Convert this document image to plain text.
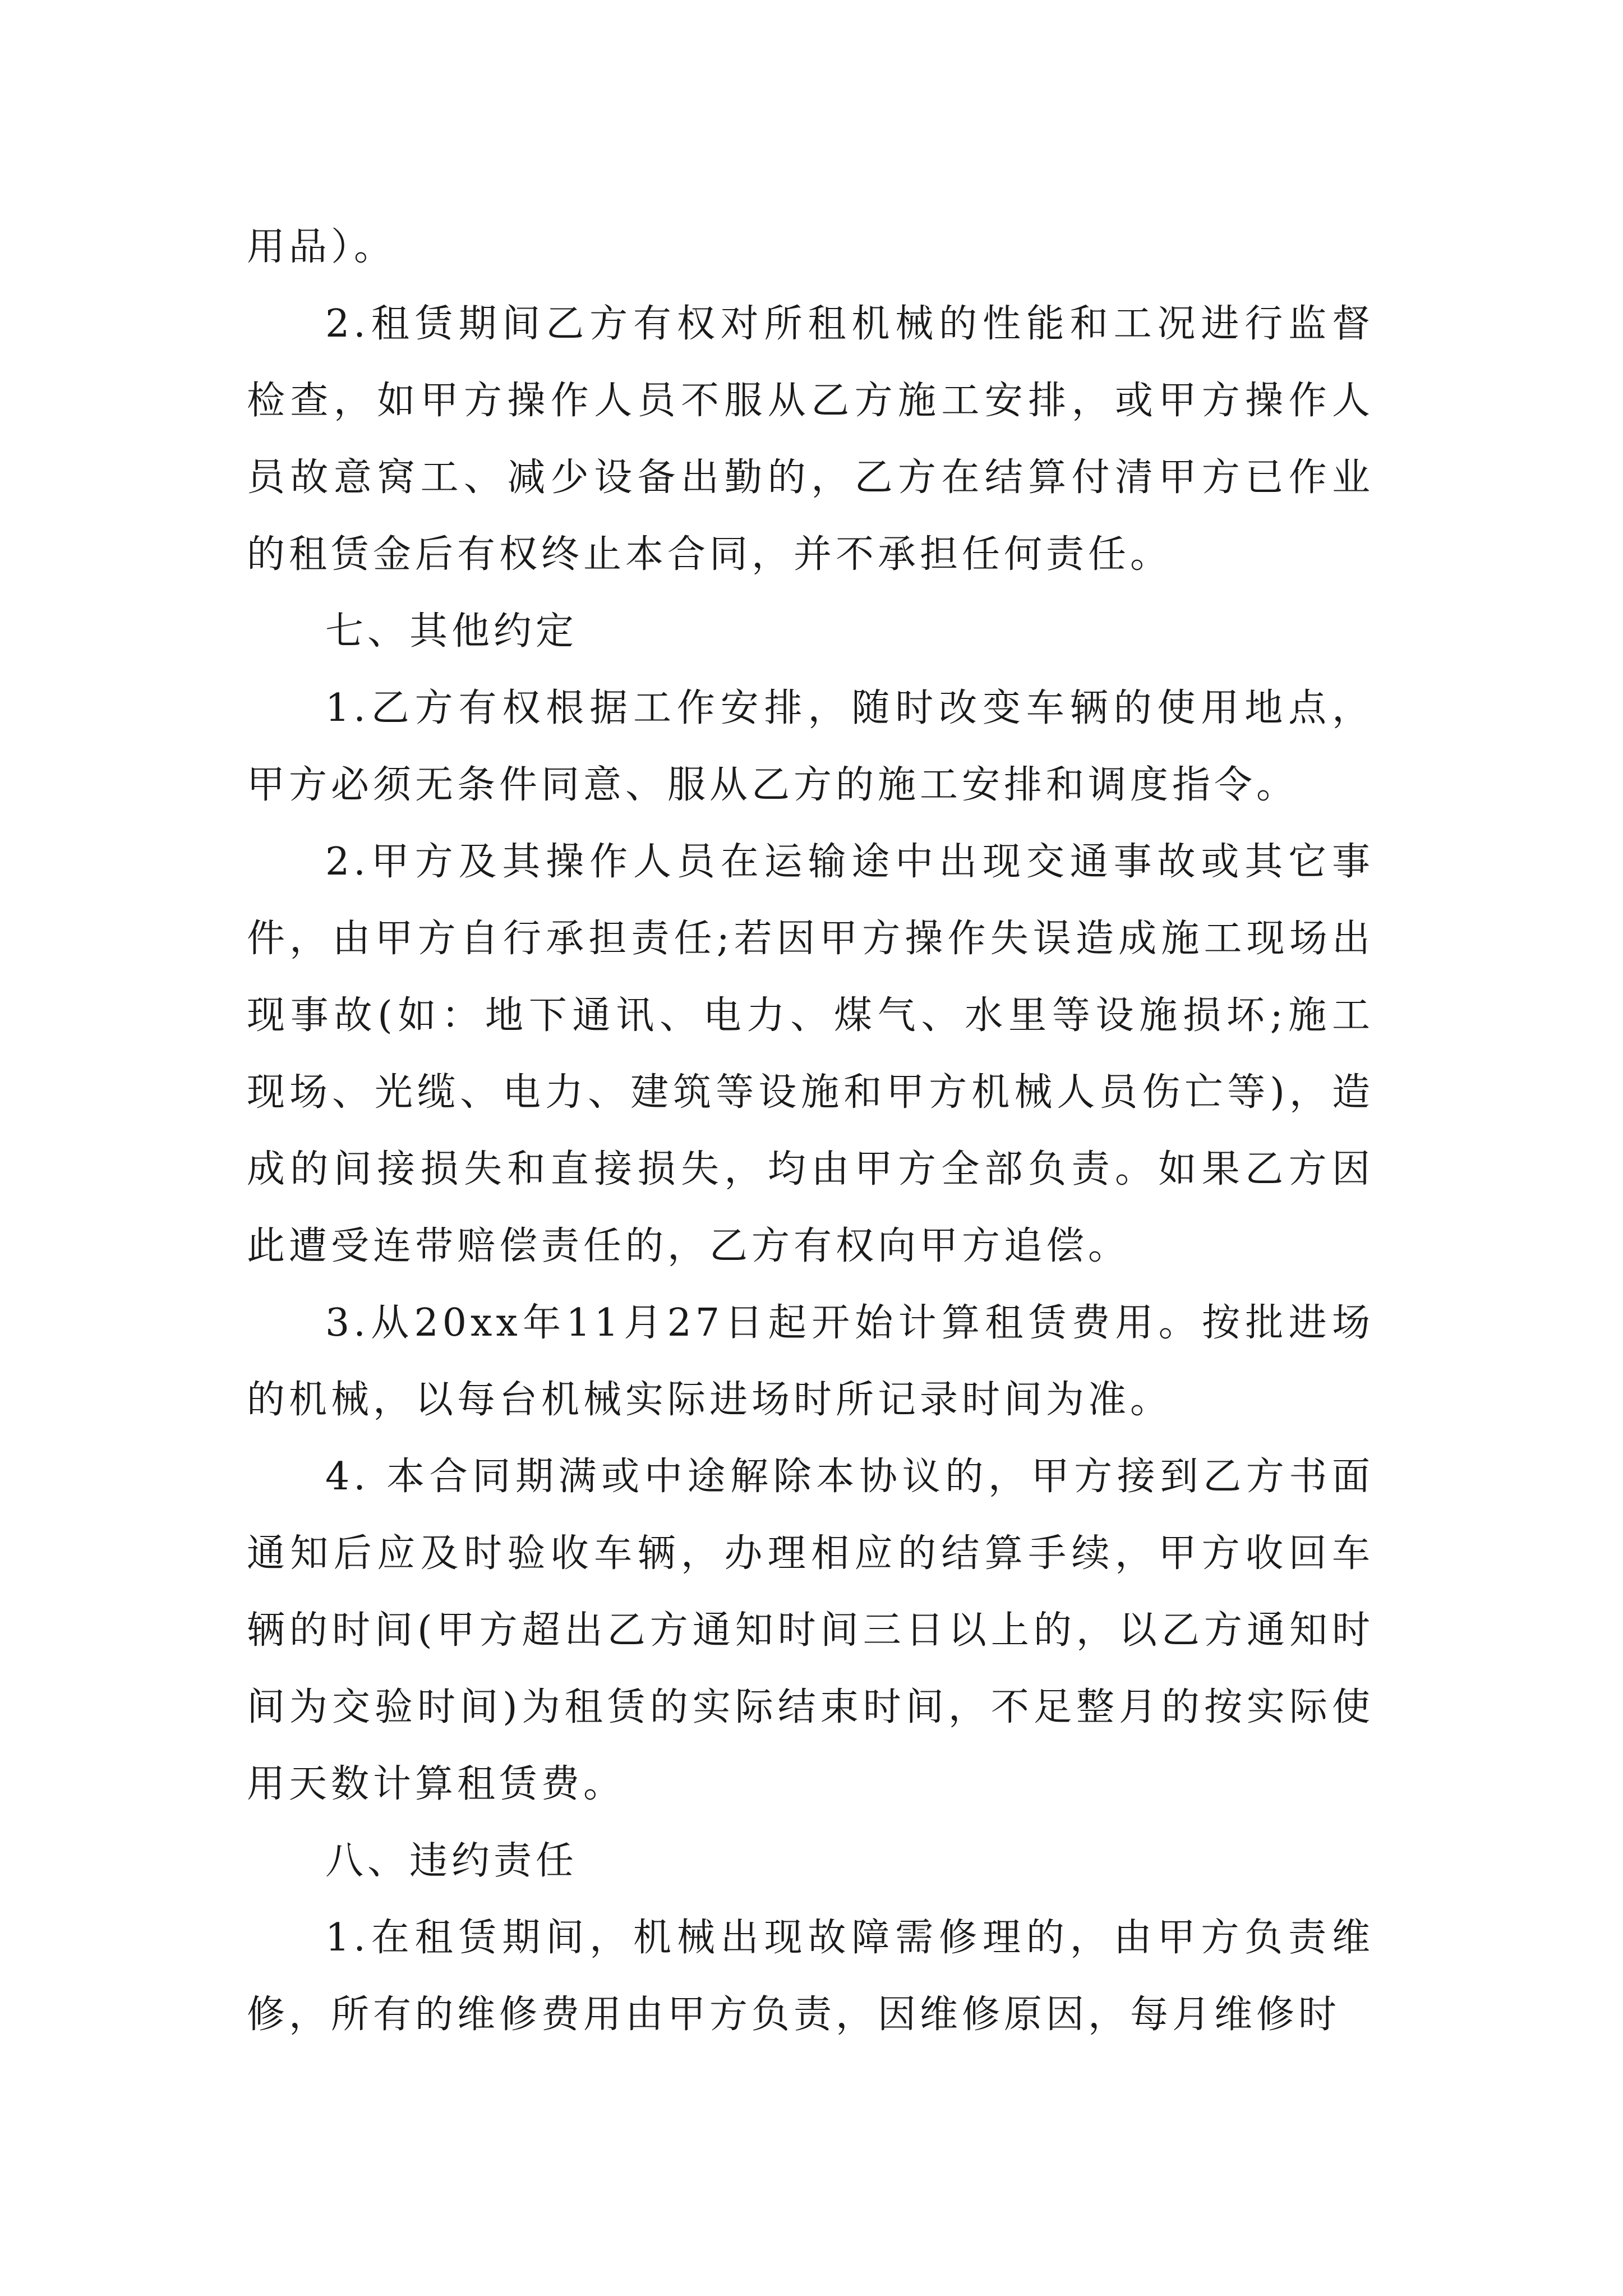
用品）。

2.租赁期间乙方有权对所租机械的性能和工况进行监督检查，如甲方操作人员不服从乙方施工安排，或甲方操作人员故意窝工、减少设备出勤的，乙方在结算付清甲方已作业的租赁金后有权终止本合同，并不承担任何责任。

七、其他约定

1.乙方有权根据工作安排，随时改变车辆的使用地点，甲方必须无条件同意、服从乙方的施工安排和调度指令。

2.甲方及其操作人员在运输途中出现交通事故或其它事件，由甲方自行承担责任;若因甲方操作失误造成施工现场出现事故(如：地下通讯、电力、煤气、水里等设施损坏;施工现场、光缆、电力、建筑等设施和甲方机械人员伤亡等)，造成的间接损失和直接损失，均由甲方全部负责。如果乙方因此遭受连带赔偿责任的，乙方有权向甲方追偿。

3.从20xx年11月27日起开始计算租赁费用。按批进场的机械，以每台机械实际进场时所记录时间为准。

4. 本合同期满或中途解除本协议的，甲方接到乙方书面通知后应及时验收车辆，办理相应的结算手续，甲方收回车辆的时间(甲方超出乙方通知时间三日以上的，以乙方通知时间为交验时间)为租赁的实际结束时间，不足整月的按实际使用天数计算租赁费。

八、违约责任

1.在租赁期间，机械出现故障需修理的，由甲方负责维修，所有的维修费用由甲方负责，因维修原因，每月维修时
